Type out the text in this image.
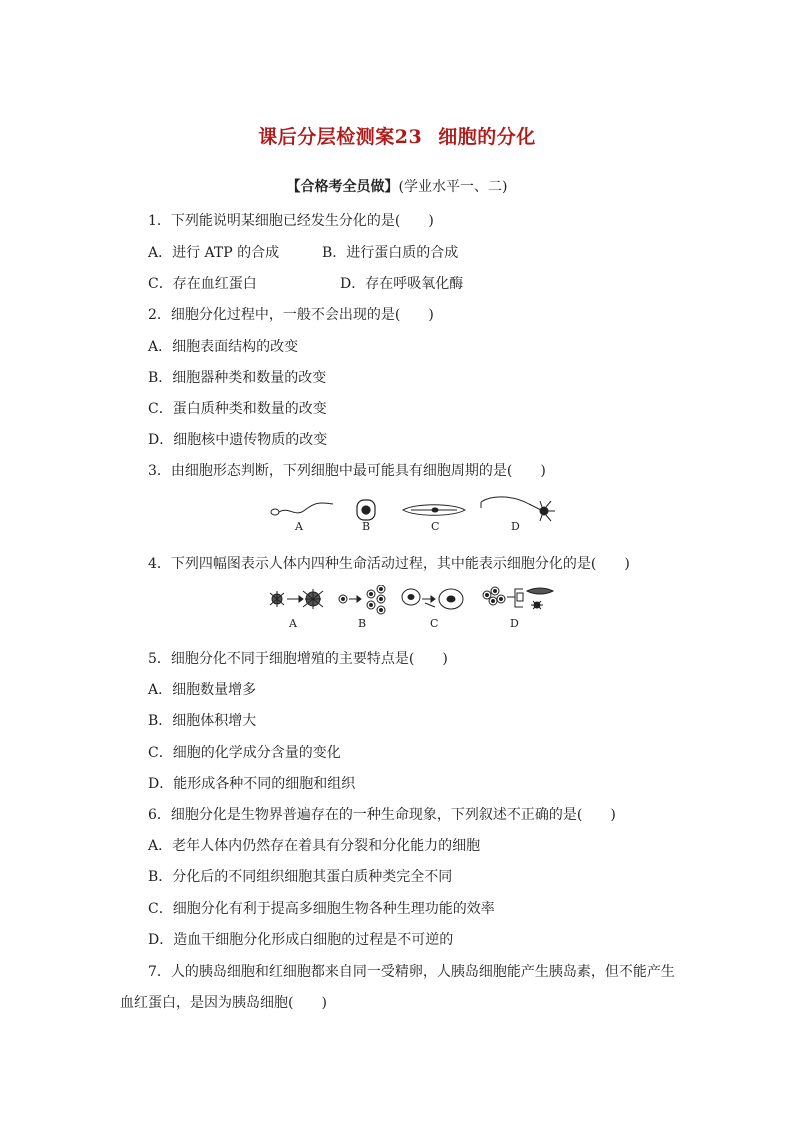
课后分层检测案23 细胞的分化
【合格考全员做】(学业水平一、二)
1．下列能说明某细胞已经发生分化的是(　　)
A．进行 ATP 的合成	B．进行蛋白质的合成
C．存在血红蛋白	D．存在呼吸氧化酶
2．细胞分化过程中，一般不会出现的是(　　)
A．细胞表面结构的改变
B．细胞器种类和数量的改变
C．蛋白质种类和数量的改变
D．细胞核中遗传物质的改变
3．由细胞形态判断，下列细胞中最可能具有细胞周期的是(　　)
A	B	C	D
4．下列四幅图表示人体内四种生命活动过程，其中能表示细胞分化的是(　　)
A	B	C	D
5．细胞分化不同于细胞增殖的主要特点是(　　)
A．细胞数量增多
B．细胞体积增大
C．细胞的化学成分含量的变化
D．能形成各种不同的细胞和组织
6．细胞分化是生物界普遍存在的一种生命现象，下列叙述不正确的是(　　)
A．老年人体内仍然存在着具有分裂和分化能力的细胞
B．分化后的不同组织细胞其蛋白质种类完全不同
C．细胞分化有利于提高多细胞生物各种生理功能的效率
D．造血干细胞分化形成白细胞的过程是不可逆的
7．人的胰岛细胞和红细胞都来自同一受精卵，人胰岛细胞能产生胰岛素，但不能产生
血红蛋白，是因为胰岛细胞(　　)
